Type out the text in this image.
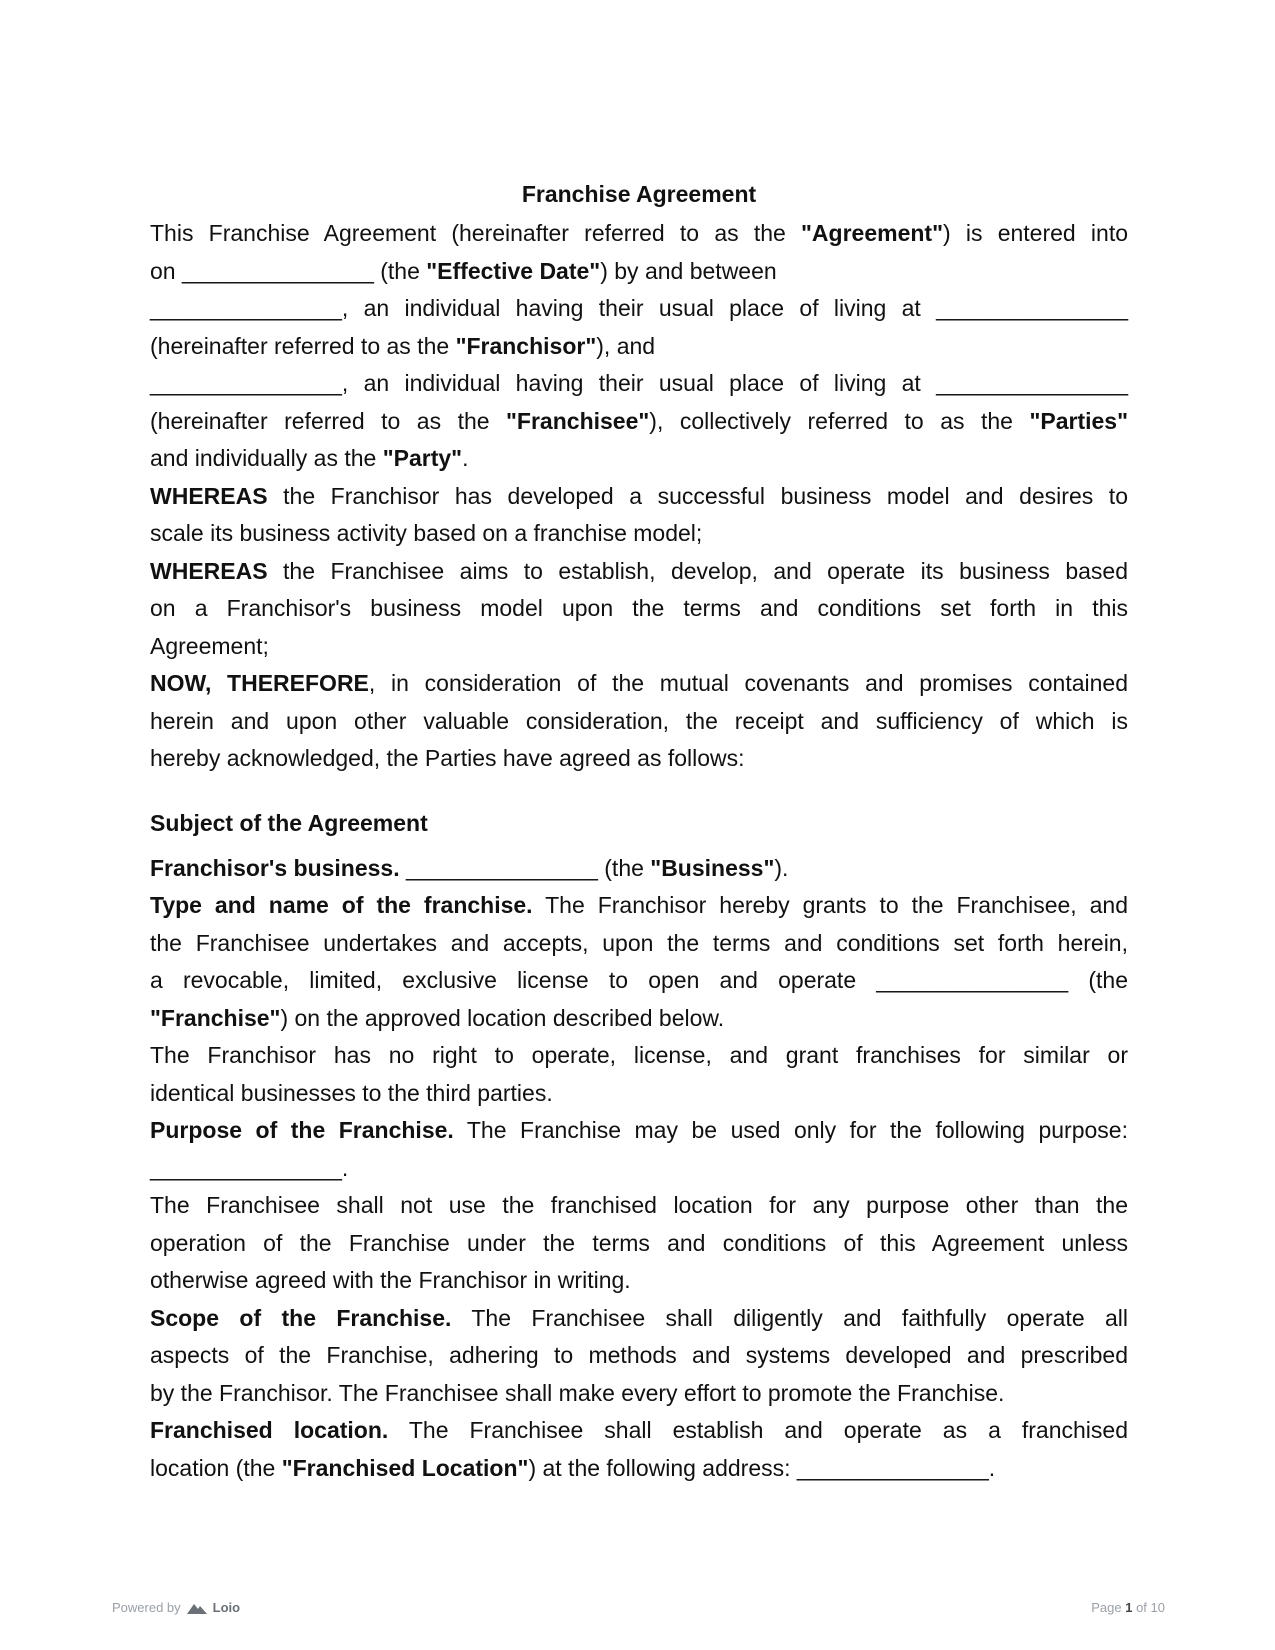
Franchise Agreement
This Franchise Agreement (hereinafter referred to as the "Agreement") is entered into
on _______________ (the "Effective Date") by and between
_______________, an individual having their usual place of living at _______________
(hereinafter referred to as the "Franchisor"), and
_______________, an individual having their usual place of living at _______________
(hereinafter referred to as the "Franchisee"), collectively referred to as the "Parties"
and individually as the "Party".
WHEREAS the Franchisor has developed a successful business model and desires to
scale its business activity based on a franchise model;
WHEREAS the Franchisee aims to establish, develop, and operate its business based
on a Franchisor's business model upon the terms and conditions set forth in this
Agreement;
NOW, THEREFORE, in consideration of the mutual covenants and promises contained
herein and upon other valuable consideration, the receipt and sufficiency of which is
hereby acknowledged, the Parties have agreed as follows:
Subject of the Agreement
Franchisor's business. _______________ (the "Business").
Type and name of the franchise. The Franchisor hereby grants to the Franchisee, and
the Franchisee undertakes and accepts, upon the terms and conditions set forth herein,
a revocable, limited, exclusive license to open and operate _______________ (the
"Franchise") on the approved location described below.
The Franchisor has no right to operate, license, and grant franchises for similar or
identical businesses to the third parties.
Purpose of the Franchise. The Franchise may be used only for the following purpose:
_______________.
The Franchisee shall not use the franchised location for any purpose other than the
operation of the Franchise under the terms and conditions of this Agreement unless
otherwise agreed with the Franchisor in writing.
Scope of the Franchise. The Franchisee shall diligently and faithfully operate all
aspects of the Franchise, adhering to methods and systems developed and prescribed
by the Franchisor. The Franchisee shall make every effort to promote the Franchise.
Franchised location. The Franchisee shall establish and operate as a franchised
location (the "Franchised Location") at the following address: _______________.
Powered by Loio	Page 1 of 10
